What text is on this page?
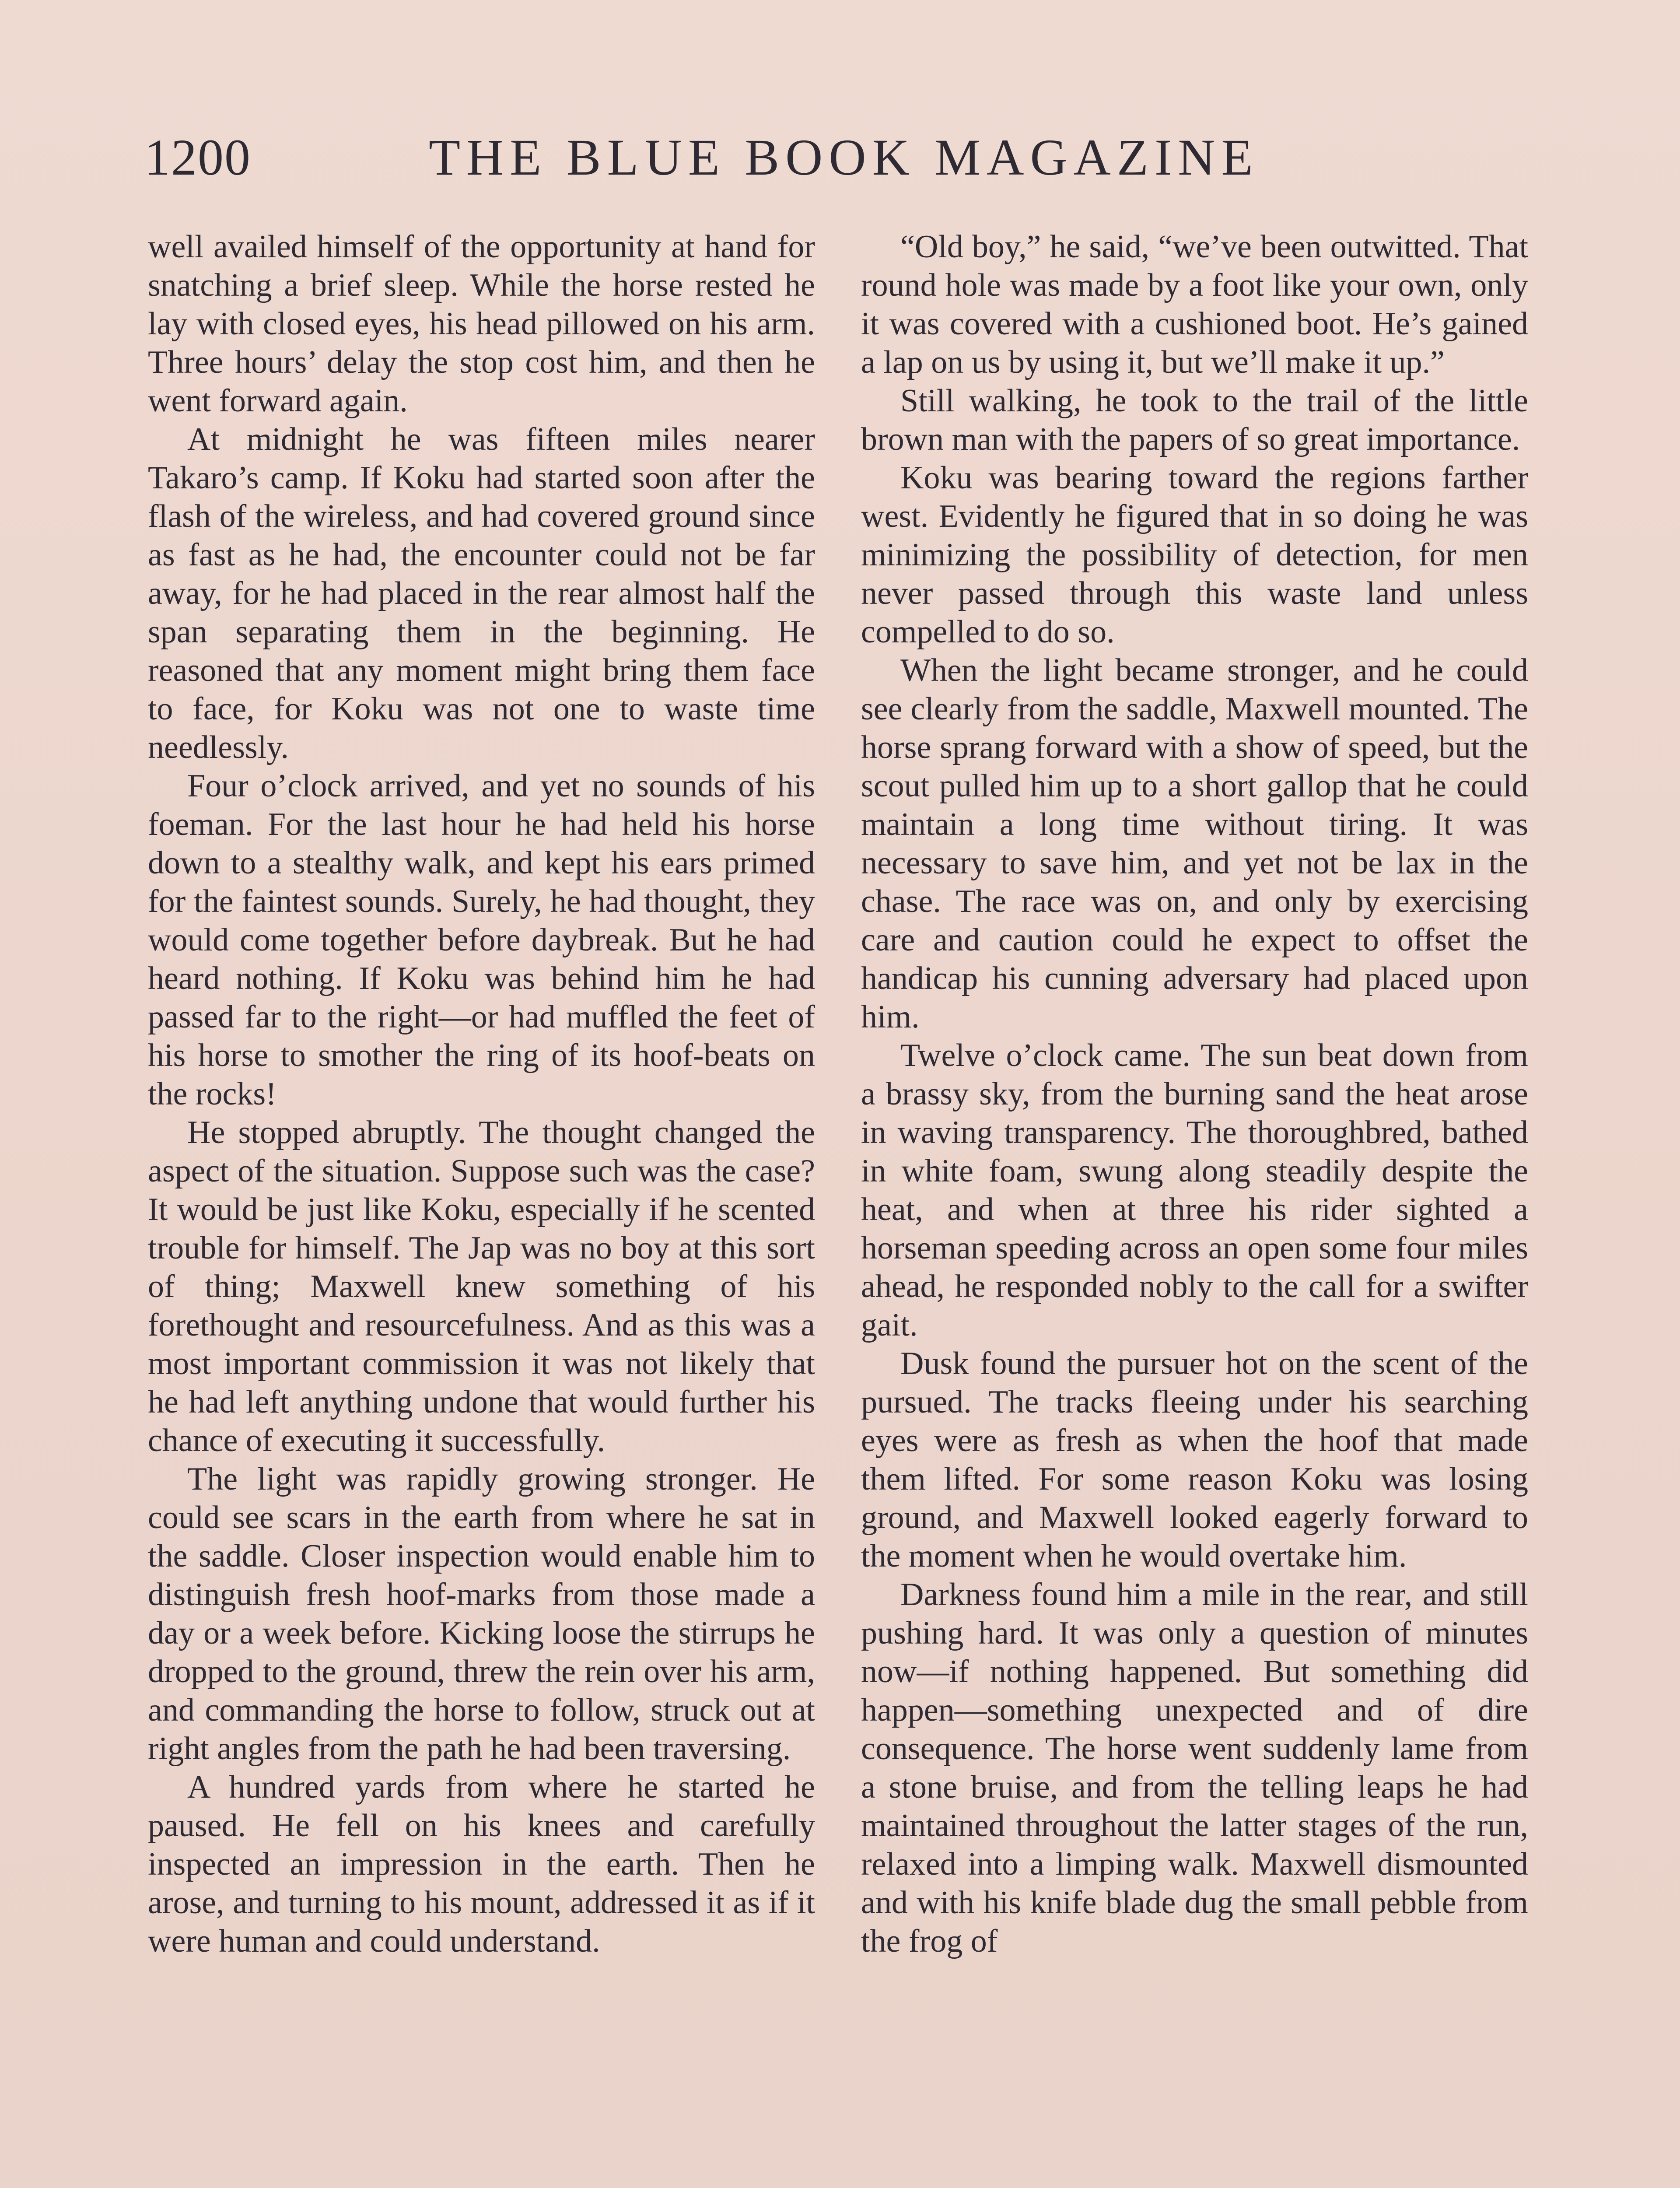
1200	THE BLUE BOOK MAGAZINE

well availed himself of the opportunity at hand for snatching a brief sleep. While the horse rested he lay with closed eyes, his head pillowed on his arm. Three hours’ delay the stop cost him, and then he went forward again.

At midnight he was fifteen miles nearer Takaro’s camp. If Koku had started soon after the flash of the wireless, and had covered ground since as fast as he had, the encounter could not be far away, for he had placed in the rear almost half the span separating them in the beginning. He reasoned that any moment might bring them face to face, for Koku was not one to waste time needlessly.

Four o’clock arrived, and yet no sounds of his foeman. For the last hour he had held his horse down to a stealthy walk, and kept his ears primed for the faintest sounds. Surely, he had thought, they would come together before daybreak. But he had heard nothing. If Koku was behind him he had passed far to the right—or had muffled the feet of his horse to smother the ring of its hoof-beats on the rocks!

He stopped abruptly. The thought changed the aspect of the situation. Suppose such was the case? It would be just like Koku, especially if he scented trouble for himself. The Jap was no boy at this sort of thing; Maxwell knew something of his forethought and resourcefulness. And as this was a most important commission it was not likely that he had left anything undone that would further his chance of executing it successfully.

The light was rapidly growing stronger. He could see scars in the earth from where he sat in the saddle. Closer inspection would enable him to distinguish fresh hoof-marks from those made a day or a week before. Kicking loose the stirrups he dropped to the ground, threw the rein over his arm, and commanding the horse to follow, struck out at right angles from the path he had been traversing.

A hundred yards from where he started he paused. He fell on his knees and carefully inspected an impression in the earth. Then he arose, and turning to his mount, addressed it as if it were human and could understand.

“Old boy,” he said, “we’ve been outwitted. That round hole was made by a foot like your own, only it was covered with a cushioned boot. He’s gained a lap on us by using it, but we’ll make it up.”

Still walking, he took to the trail of the little brown man with the papers of so great importance.

Koku was bearing toward the regions farther west. Evidently he figured that in so doing he was minimizing the possibility of detection, for men never passed through this waste land unless compelled to do so.

When the light became stronger, and he could see clearly from the saddle, Maxwell mounted. The horse sprang forward with a show of speed, but the scout pulled him up to a short gallop that he could maintain a long time without tiring. It was necessary to save him, and yet not be lax in the chase. The race was on, and only by exercising care and caution could he expect to offset the handicap his cunning adversary had placed upon him.

Twelve o’clock came. The sun beat down from a brassy sky, from the burning sand the heat arose in waving transparency. The thoroughbred, bathed in white foam, swung along steadily despite the heat, and when at three his rider sighted a horseman speeding across an open some four miles ahead, he responded nobly to the call for a swifter gait.

Dusk found the pursuer hot on the scent of the pursued. The tracks fleeing under his searching eyes were as fresh as when the hoof that made them lifted. For some reason Koku was losing ground, and Maxwell looked eagerly forward to the moment when he would overtake him.

Darkness found him a mile in the rear, and still pushing hard. It was only a question of minutes now—if nothing happened. But something did happen—something unexpected and of dire consequence. The horse went suddenly lame from a stone bruise, and from the telling leaps he had maintained throughout the latter stages of the run, relaxed into a limping walk. Maxwell dismounted and with his knife blade dug the small pebble from the frog of
